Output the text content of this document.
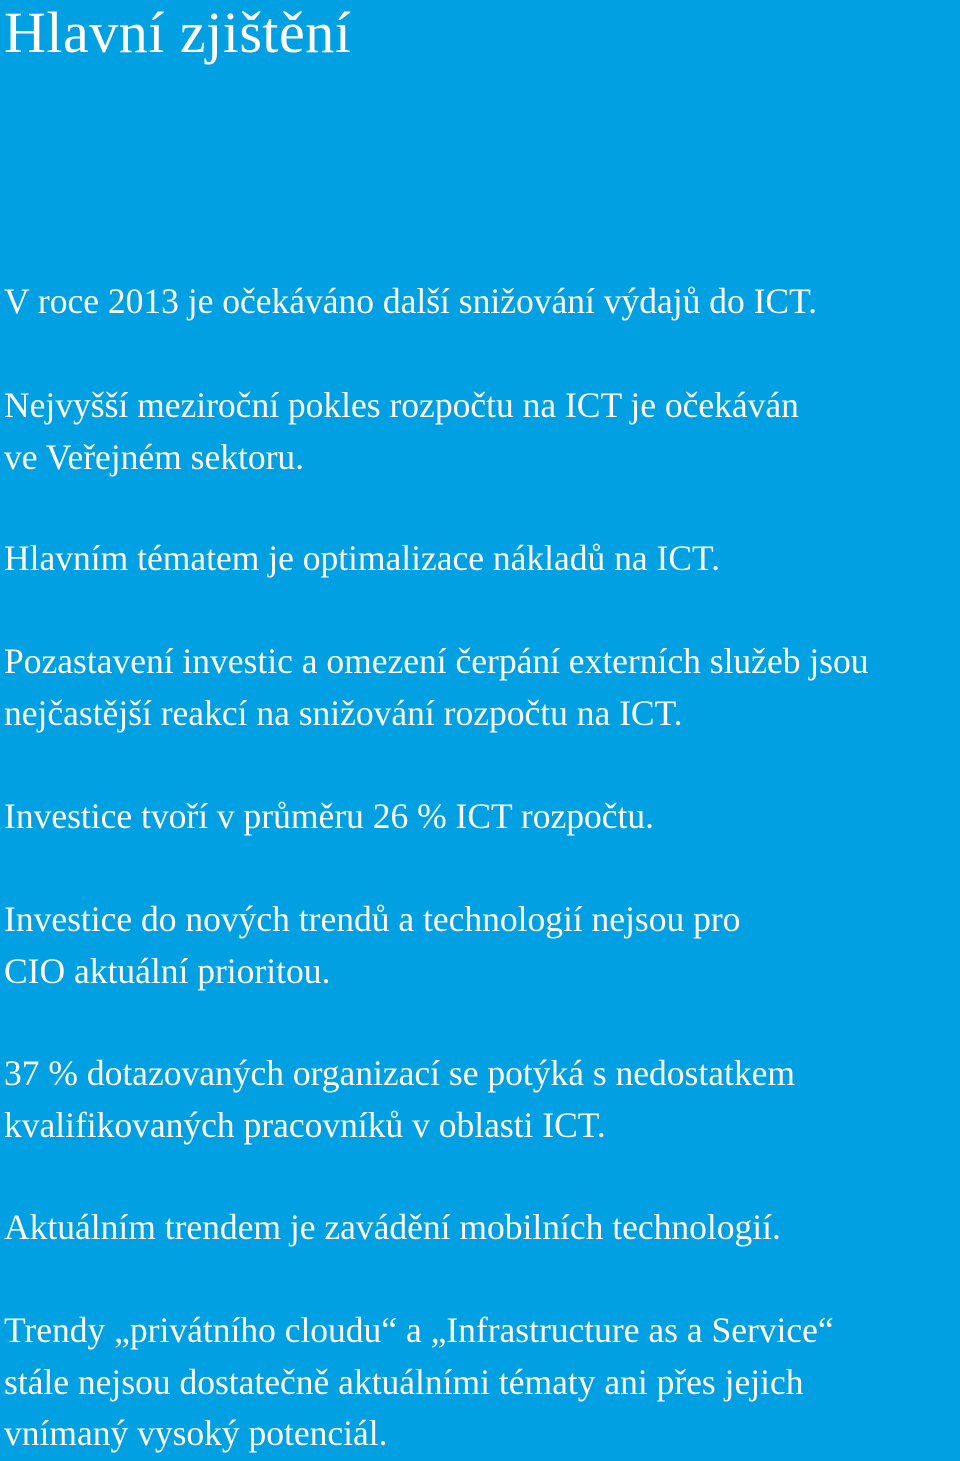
Hlavní zjištění

V roce 2013 je očekáváno další snižování výdajů do ICT.

Nejvyšší meziroční pokles rozpočtu na ICT je očekáván
ve Veřejném sektoru.

Hlavním tématem je optimalizace nákladů na ICT.

Pozastavení investic a omezení čerpání externích služeb jsou
nejčastější reakcí na snižování rozpočtu na ICT.

Investice tvoří v průměru 26 % ICT rozpočtu.

Investice do nových trendů a technologií nejsou pro
CIO aktuální prioritou.

37 % dotazovaných organizací se potýká s nedostatkem
kvalifikovaných pracovníků v oblasti ICT.

Aktuálním trendem je zavádění mobilních technologií.

Trendy „privátního cloudu“ a „Infrastructure as a Service“
stále nejsou dostatečně aktuálními tématy ani přes jejich
vnímaný vysoký potenciál.
